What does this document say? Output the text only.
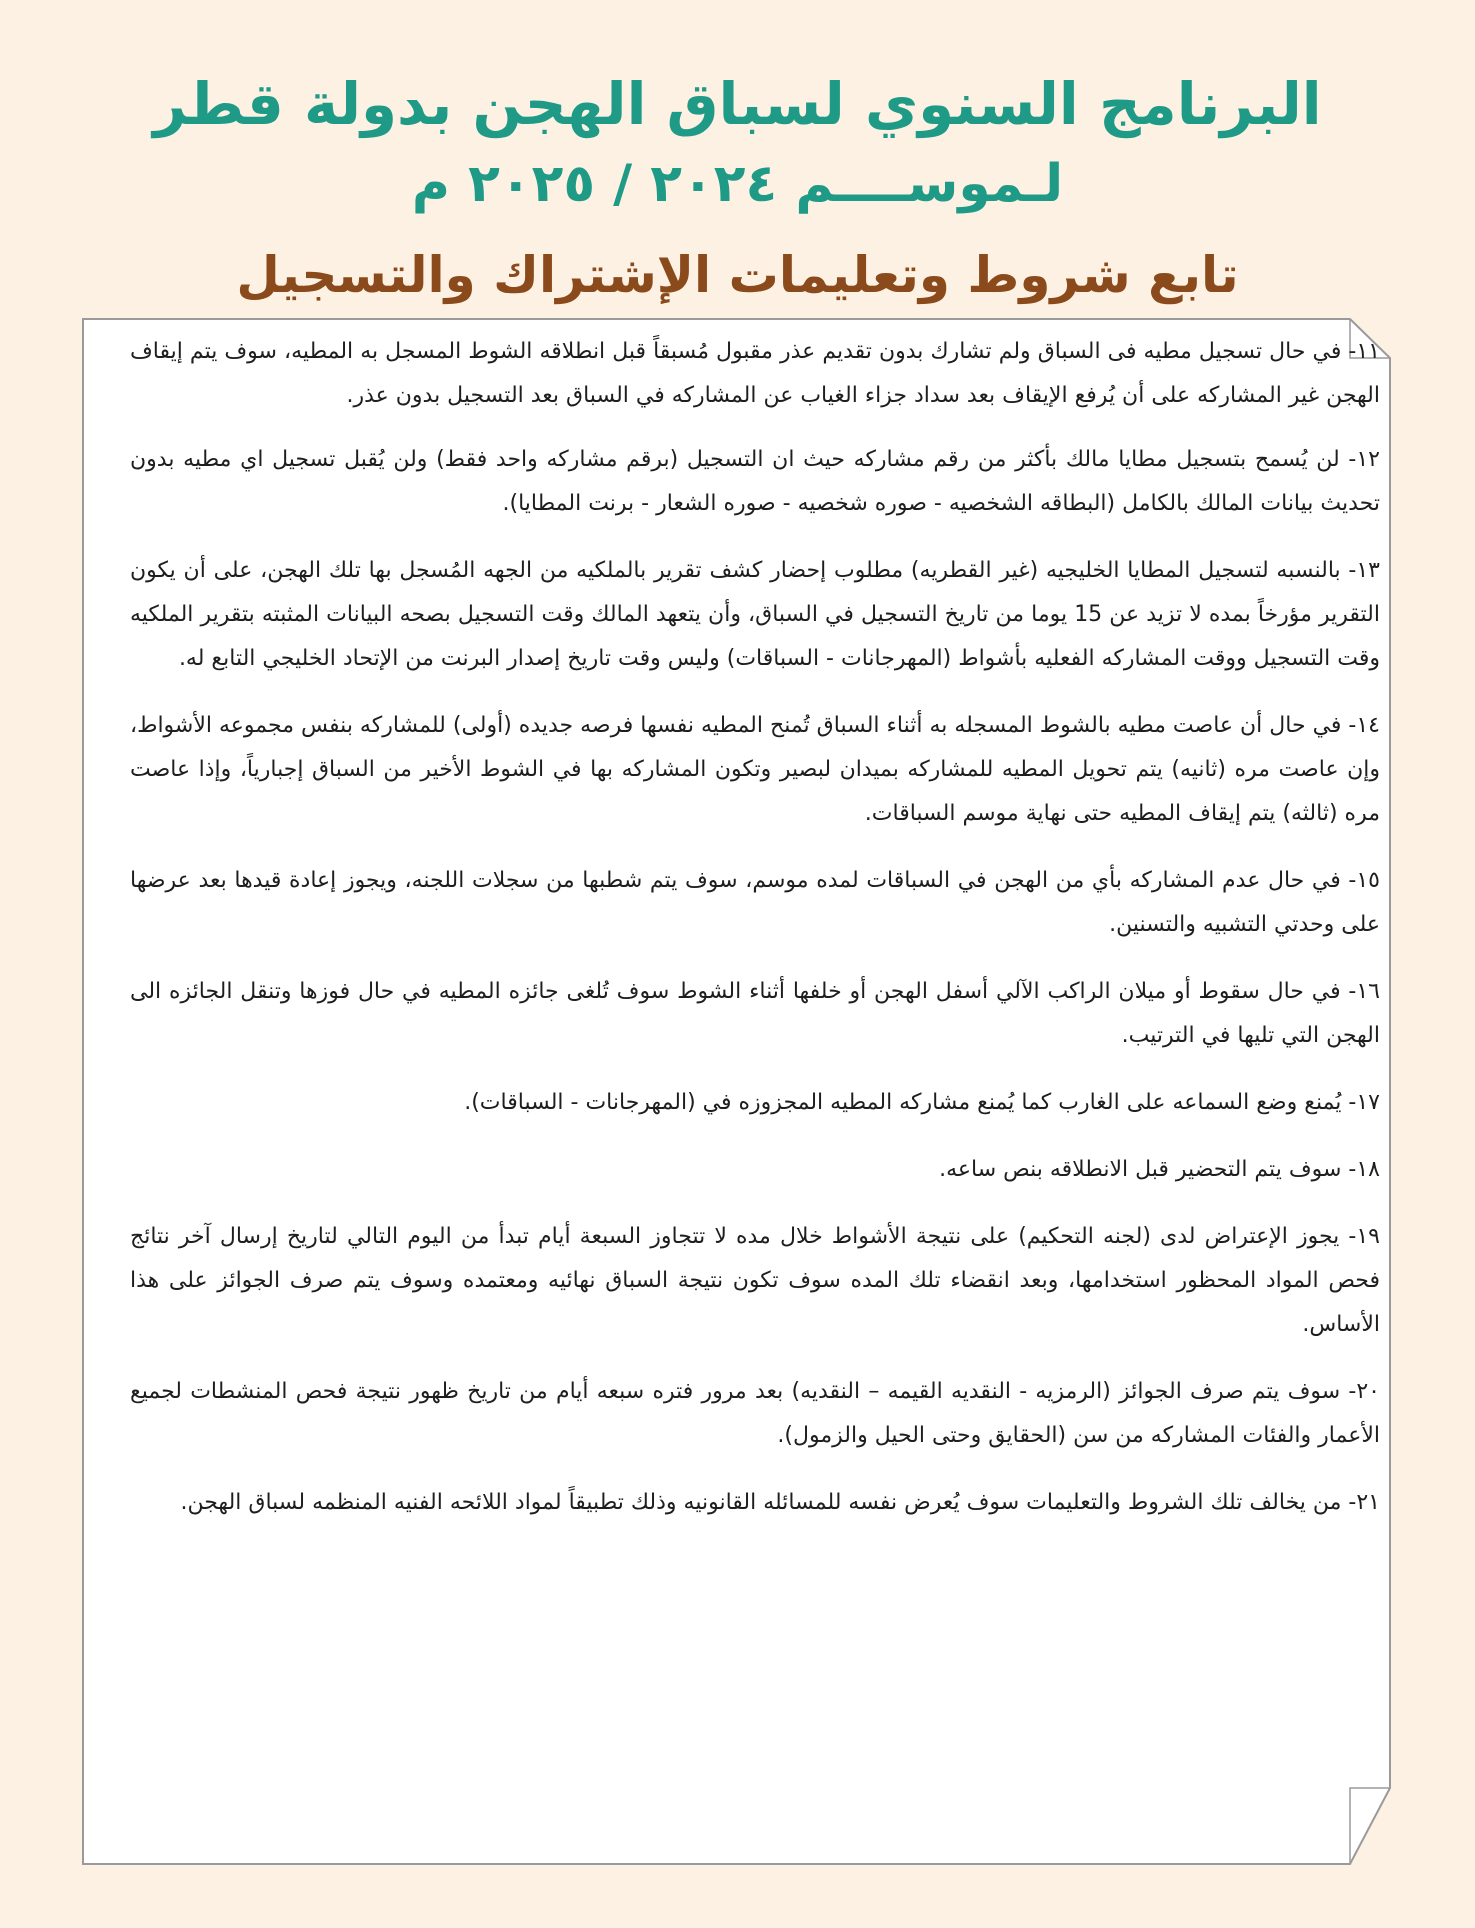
البرنامج السنوي لسباق الهجن بدولة قطر
لـموســــم ٢٠٢٤ / ٢٠٢٥ م
تابع شروط وتعليمات الإشتراك والتسجيل

١١- في حال تسجيل مطيه فى السباق ولم تشارك بدون تقديم عذر مقبول مُسبقاً قبل انطلاقه الشوط المسجل به المطيه، سوف يتم إيقاف الهجن غير المشاركه على أن يُرفع الإيقاف بعد سداد جزاء الغياب عن المشاركه في السباق بعد التسجيل بدون عذر.

١٢- لن يُسمح بتسجيل مطايا مالك بأكثر من رقم مشاركه حيث ان التسجيل (برقم مشاركه واحد فقط) ولن يُقبل تسجيل اي مطيه بدون تحديث بيانات المالك بالكامل (البطاقه الشخصيه - صوره شخصيه - صوره الشعار - برنت المطايا).

١٣- بالنسبه لتسجيل المطايا الخليجيه (غير القطريه) مطلوب إحضار كشف تقرير بالملكيه من الجهه المُسجل بها تلك الهجن، على أن يكون التقرير مؤرخاً بمده لا تزيد عن 15 يوما من تاريخ التسجيل في السباق، وأن يتعهد المالك وقت التسجيل بصحه البيانات المثبته بتقرير الملكيه وقت التسجيل ووقت المشاركه الفعليه بأشواط (المهرجانات - السباقات) وليس وقت تاريخ إصدار البرنت من الإتحاد الخليجي التابع له.

١٤- في حال أن عاصت مطيه بالشوط المسجله به أثناء السباق تُمنح المطيه نفسها فرصه جديده (أولى) للمشاركه بنفس مجموعه الأشواط، وإن عاصت مره (ثانيه) يتم تحويل المطيه للمشاركه بميدان لبصير وتكون المشاركه بها في الشوط الأخير من السباق إجبارياً، وإذا عاصت مره (ثالثه) يتم إيقاف المطيه حتى نهاية موسم السباقات.

١٥- في حال عدم المشاركه بأي من الهجن في السباقات لمده موسم، سوف يتم شطبها من سجلات اللجنه، ويجوز إعادة قيدها بعد عرضها على وحدتي التشبيه والتسنين.

١٦- في حال سقوط أو ميلان الراكب الآلي أسفل الهجن أو خلفها أثناء الشوط سوف تُلغى جائزه المطيه في حال فوزها وتنقل الجائزه الى الهجن التي تليها في الترتيب.

١٧- يُمنع وضع السماعه على الغارب كما يُمنع مشاركه المطيه المجزوزه في (المهرجانات - السباقات).

١٨- سوف يتم التحضير قبل الانطلاقه بنص ساعه.

١٩- يجوز الإعتراض لدى (لجنه التحكيم) على نتيجة الأشواط خلال مده لا تتجاوز السبعة أيام تبدأ من اليوم التالي لتاريخ إرسال آخر نتائج فحص المواد المحظور استخدامها، وبعد انقضاء تلك المده سوف تكون نتيجة السباق نهائيه ومعتمده وسوف يتم صرف الجوائز على هذا الأساس.

٢٠- سوف يتم صرف الجوائز (الرمزيه - النقديه القيمه – النقديه) بعد مرور فتره سبعه أيام من تاريخ ظهور نتيجة فحص المنشطات لجميع الأعمار والفئات المشاركه من سن (الحقايق وحتى الحيل والزمول).

٢١- من يخالف تلك الشروط والتعليمات سوف يُعرض نفسه للمسائله القانونيه وذلك تطبيقاً لمواد اللائحه الفنيه المنظمه لسباق الهجن.
